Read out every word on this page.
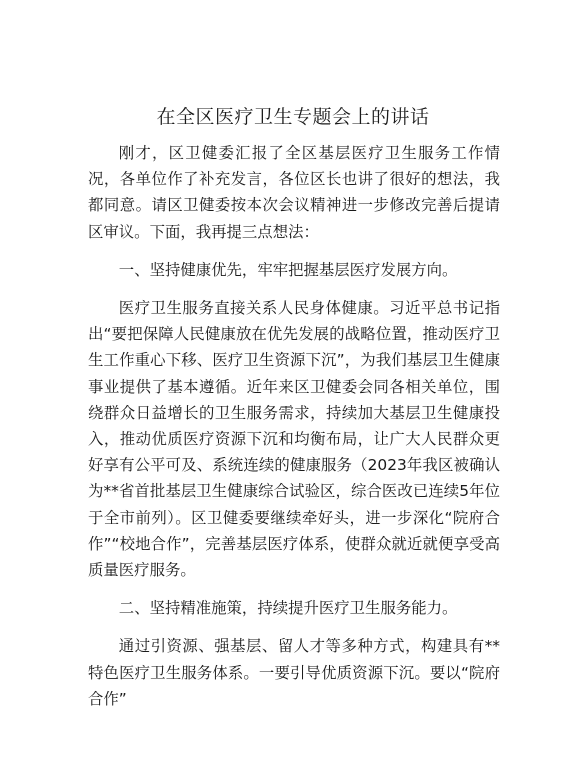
在全区医疗卫生专题会上的讲话

刚才，区卫健委汇报了全区基层医疗卫生服务工作情况，各单位作了补充发言，各位区长也讲了很好的想法，我都同意。请区卫健委按本次会议精神进一步修改完善后提请区审议。下面，我再提三点想法：

一、坚持健康优先，牢牢把握基层医疗发展方向。

医疗卫生服务直接关系人民身体健康。习近平总书记指出“要把保障人民健康放在优先发展的战略位置，推动医疗卫生工作重心下移、医疗卫生资源下沉”，为我们基层卫生健康事业提供了基本遵循。近年来区卫健委会同各相关单位，围绕群众日益增长的卫生服务需求，持续加大基层卫生健康投入，推动优质医疗资源下沉和均衡布局，让广大人民群众更好享有公平可及、系统连续的健康服务（2023年我区被确认为**省首批基层卫生健康综合试验区，综合医改已连续5年位于全市前列）。区卫健委要继续牵好头，进一步深化“院府合作”“校地合作”，完善基层医疗体系，使群众就近就便享受高质量医疗服务。

二、坚持精准施策，持续提升医疗卫生服务能力。

通过引资源、强基层、留人才等多种方式，构建具有**特色医疗卫生服务体系。一要引导优质资源下沉。要以“院府合作”
